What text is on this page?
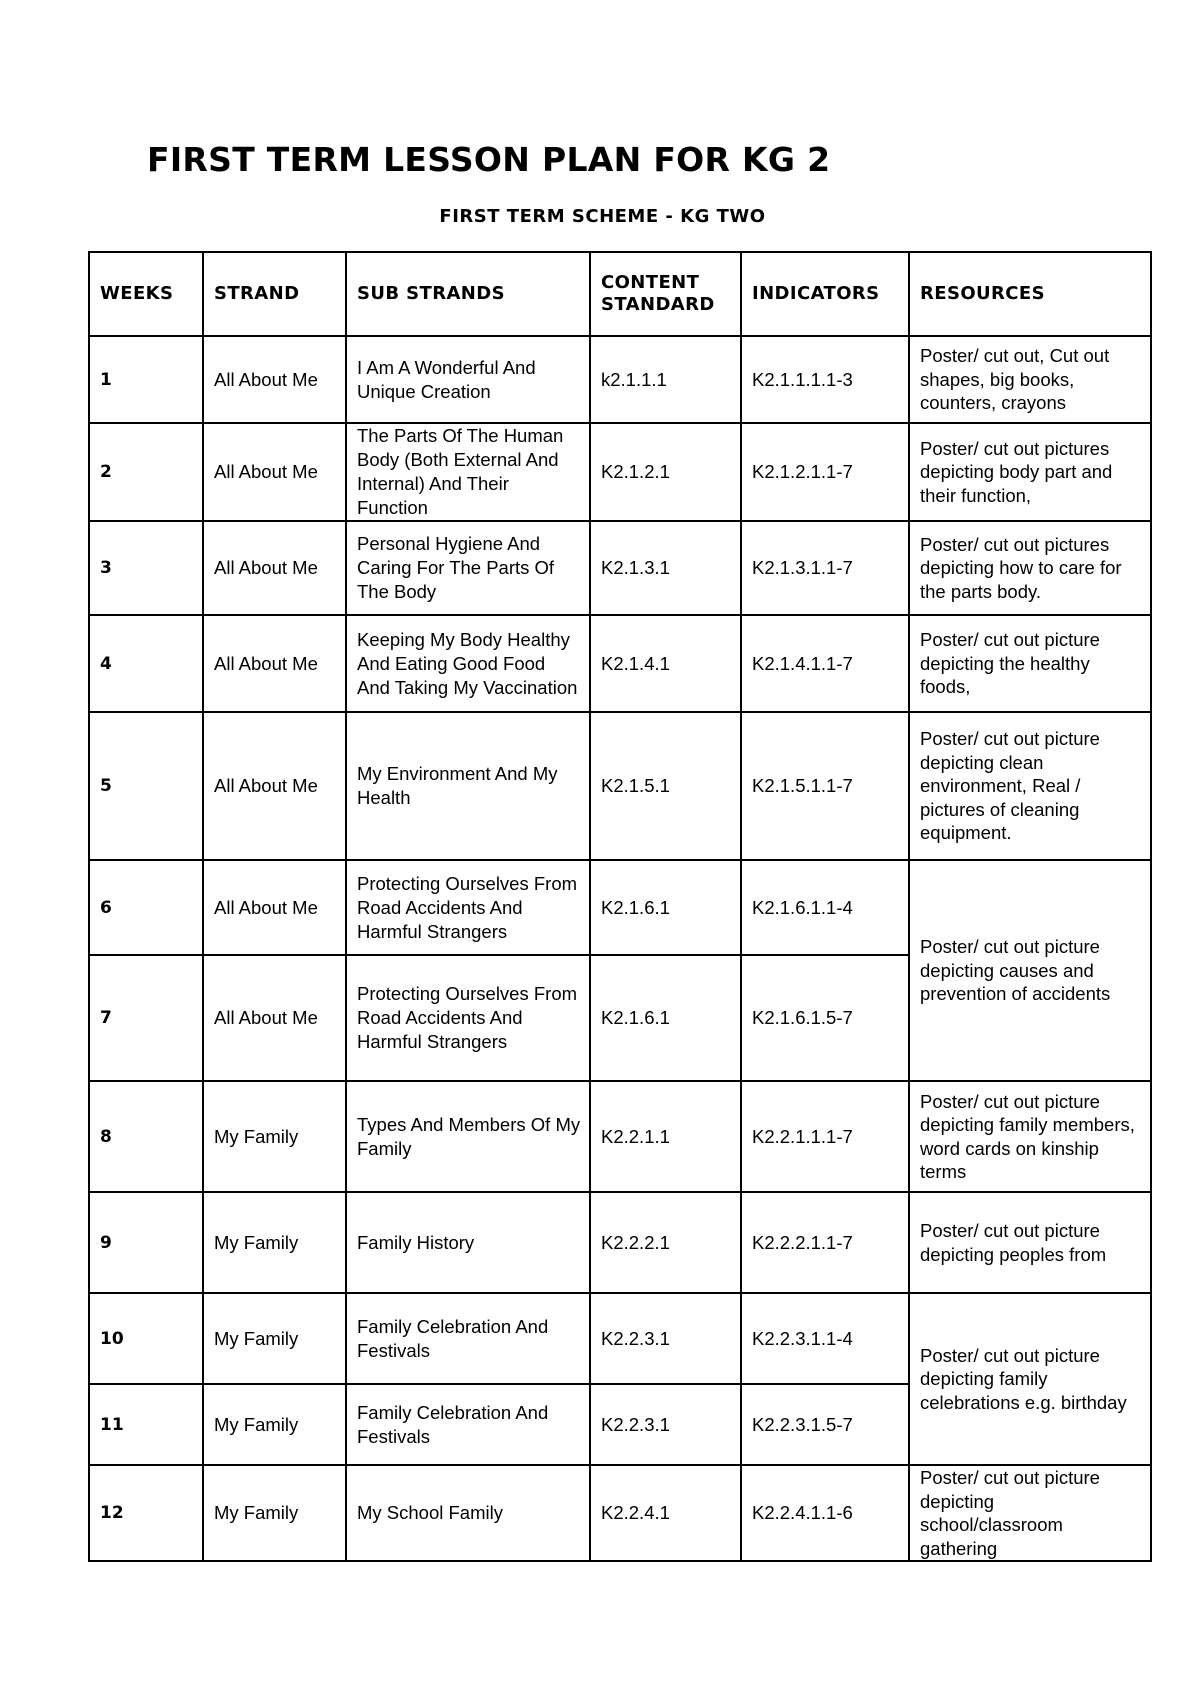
FIRST TERM LESSON PLAN FOR KG 2
FIRST TERM SCHEME - KG TWO
WEEKS	STRAND	SUB STRANDS	CONTENT STANDARD	INDICATORS	RESOURCES
1	All About Me	I Am A Wonderful And Unique Creation	k2.1.1.1	K2.1.1.1.1-3	Poster/ cut out, Cut out shapes, big books, counters, crayons
2	All About Me	The Parts Of The Human Body (Both External And Internal) And Their Function	K2.1.2.1	K2.1.2.1.1-7	Poster/ cut out pictures depicting body part and their function,
3	All About Me	Personal Hygiene And Caring For The Parts Of The Body	K2.1.3.1	K2.1.3.1.1-7	Poster/ cut out pictures depicting how to care for the parts body.
4	All About Me	Keeping My Body Healthy And Eating Good Food And Taking My Vaccination	K2.1.4.1	K2.1.4.1.1-7	Poster/ cut out picture depicting the healthy foods,
5	All About Me	My Environment And My Health	K2.1.5.1	K2.1.5.1.1-7	Poster/ cut out picture depicting clean environment, Real / pictures of cleaning equipment.
6	All About Me	Protecting Ourselves From Road Accidents And Harmful Strangers	K2.1.6.1	K2.1.6.1.1-4	Poster/ cut out picture depicting causes and prevention of accidents
7	All About Me	Protecting Ourselves From Road Accidents And Harmful Strangers	K2.1.6.1	K2.1.6.1.5-7	
8	My Family	Types And Members Of My Family	K2.2.1.1	K2.2.1.1.1-7	Poster/ cut out picture depicting family members, word cards on kinship terms
9	My Family	Family History	K2.2.2.1	K2.2.2.1.1-7	Poster/ cut out picture depicting peoples from
10	My Family	Family Celebration And Festivals	K2.2.3.1	K2.2.3.1.1-4	Poster/ cut out picture depicting family celebrations e.g. birthday
11	My Family	Family Celebration And Festivals	K2.2.3.1	K2.2.3.1.5-7	
12	My Family	My School Family	K2.2.4.1	K2.2.4.1.1-6	Poster/ cut out picture depicting school/classroom gathering
